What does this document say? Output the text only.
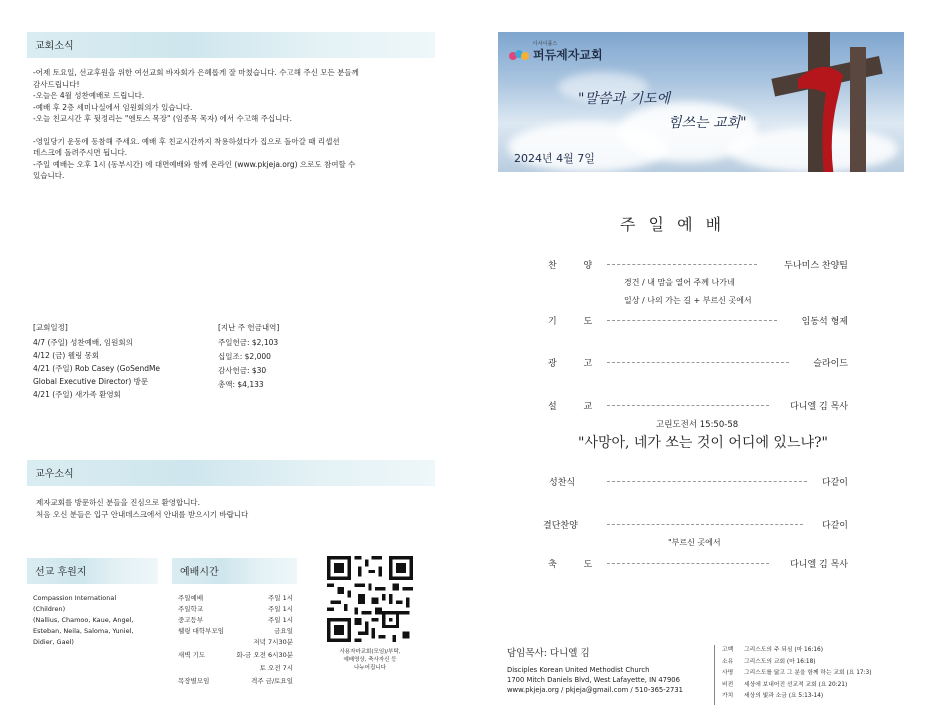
교회소식
-어제 토요일, 선교후원을 위한 여선교회 바자회가 은혜롭게 잘 마쳤습니다. 수고해 주신 모든 분들께
감사드립니다!
-오늘은 4월 성찬예배로 드립니다.
-예배 후 2층 세미나실에서 임원회의가 있습니다.
-오늘 친교시간 후 뒷정리는 "엔토스 목장" (임종목 목자) 에서 수고해 주십니다.
-영일당기 운동에 동참해 주세요. 예배 후 친교시간까지 착용하셨다가 집으로 돌아갈 때 리셉션
데스크에 돌려주시면 됩니다.
-주일 예배는 오후 1시 (동부시간) 에 대면예배와 함께 온라인 (www.pkjeja.org) 으로도 참여할 수
있습니다.
[교회일정]
4/7 (주일) 성찬예배, 임원회의
4/12 (금) 웰링 몽회
4/21 (주일) Rob Casey (GoSendMe
Global Executive Director) 방문
4/21 (주일) 새가족 환영회
[지난 주 헌금내역]
주일헌금: $2,103
십일조: $2,000
감사헌금: $30
총액: $4,133
교우소식
제자교회를 방문하신 분들을 진심으로 환영합니다.
처음 오신 분들은 입구 안내데스크에서 안내를 받으시기 바랍니다
선교 후원지
Compassion International
(Children)
(Nallius, Chamoo, Kaue, Angel,
Esteban, Neila, Saloma, Yuniel,
Didier, Gael)
예배시간
주일예배	주일 1시
주일학교	주일 1시
중고등부	주일 1시
웰링 대학부모임	금요일
저녁 7시30분
새벽 기도	화-금 오전 6시30분
토 오전 7시
목장별모임	격주 금/토요일
사용자마교회(모임)/부탁,
예배영상, 축사자신 등
나누어집니다
디사이플스
퍼듀제자교회
"말씀과 기도에
힘쓰는 교회"
2024년 4월 7일
주 일 예 배
찬 양	두나미스 찬양팀
경건 / 내 맘을 열어 주께 나가네
일상 / 나의 가는 길 + 부르신 곳에서
기 도	임동석 형제
광 고	슬라이드
설 교	다니엘 김 목사
고린도전서 15:50-58
"사망아, 네가 쏘는 것이 어디에 있느냐?"
성찬식	다같이
결단찬양	다같이
"부르신 곳에서
축 도	다니엘 김 목사
담임목사: 다니엘 김
Disciples Korean United Methodist Church
1700 Mitch Daniels Blvd, West Lafayette, IN 47906
www.pkjeja.org / pkjeja@gmail.com / 510-365-2731
고백 그리스도의 주 되심 (마 16:16)
소유 그리스도의 교회 (마 16:18)
사명 그리스도를 닮고 그 분을 함께 하는 교회 (요 17:3)
비전 세상에 보내어진 선교적 교회 (요 20:21)
가치 세상의 빛과 소금 (요 5:13-14)
